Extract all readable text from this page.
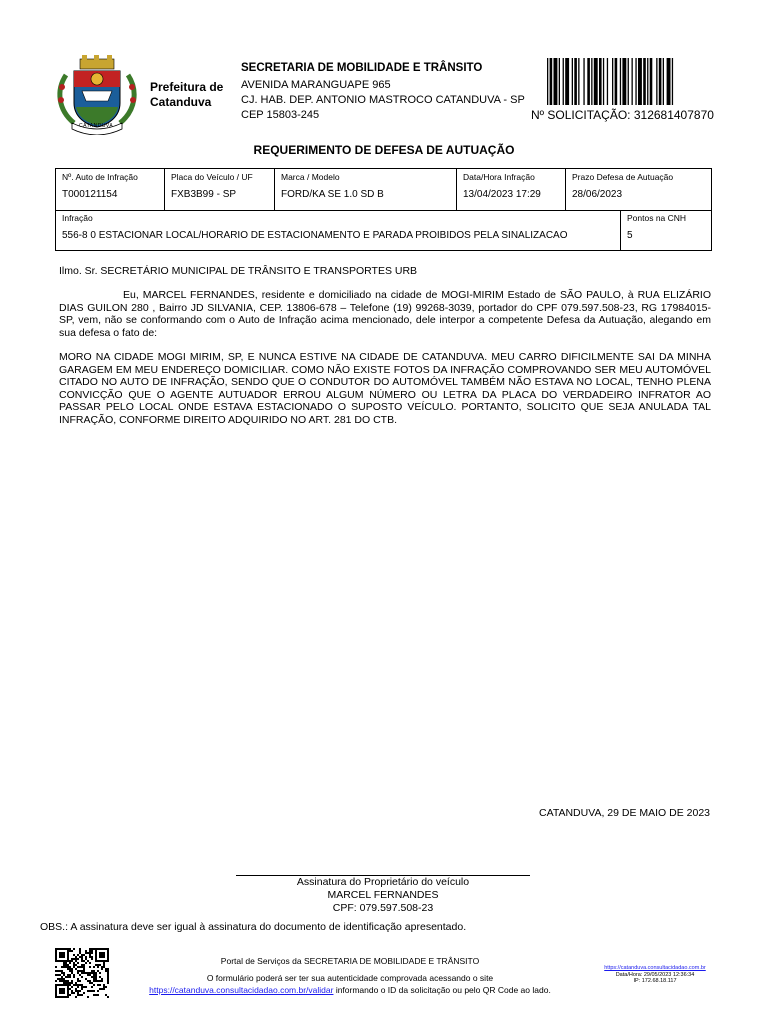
CATANDUVA
Prefeitura de
Catanduva
SECRETARIA DE MOBILIDADE E TRÂNSITO
AVENIDA MARANGUAPE 965
CJ. HAB. DEP. ANTONIO MASTROCO CATANDUVA - SP
CEP 15803-245	Nº SOLICITAÇÃO: 312681407870
REQUERIMENTO DE DEFESA DE AUTUAÇÃO
Nº. Auto de Infração
T000121154
Placa do Veículo / UF
FXB3B99 - SP
Marca / Modelo
FORD/KA SE 1.0 SD B
Data/Hora Infração
13/04/2023 17:29
Prazo Defesa de Autuação
28/06/2023
Infração
556-8 0 ESTACIONAR LOCAL/HORARIO DE ESTACIONAMENTO E PARADA PROIBIDOS PELA SINALIZACAO
Pontos na CNH
5
Ilmo. Sr. SECRETÁRIO MUNICIPAL DE TRÂNSITO E TRANSPORTES URB
Eu, MARCEL FERNANDES, residente e domiciliado na cidade de MOGI-MIRIM Estado de SÃO PAULO, à RUA ELIZÁRIO DIAS GUILON 280 , Bairro JD SILVANIA, CEP. 13806-678 – Telefone (19) 99268-3039, portador do CPF 079.597.508-23, RG 17984015-SP, vem, não se conformando com o Auto de Infração acima mencionado, dele interpor a competente Defesa da Autuação, alegando em sua defesa o fato de:
MORO NA CIDADE MOGI MIRIM, SP, E NUNCA ESTIVE NA CIDADE DE CATANDUVA. MEU CARRO DIFICILMENTE SAI DA MINHA GARAGEM EM MEU ENDEREÇO DOMICILIAR. COMO NÃO EXISTE FOTOS DA INFRAÇÃO COMPROVANDO SER MEU AUTOMÓVEL CITADO NO AUTO DE INFRAÇÃO, SENDO QUE O CONDUTOR DO AUTOMÓVEL TAMBÉM NÃO ESTAVA NO LOCAL, TENHO PLENA CONVICÇÃO QUE O AGENTE AUTUADOR ERROU ALGUM NÚMERO OU LETRA DA PLACA DO VERDADEIRO INFRATOR AO PASSAR PELO LOCAL ONDE ESTAVA ESTACIONADO O SUPOSTO VEÍCULO. PORTANTO, SOLICITO QUE SEJA ANULADA TAL INFRAÇÃO, CONFORME DIREITO ADQUIRIDO NO ART. 281 DO CTB.
CATANDUVA, 29 DE MAIO DE 2023
Assinatura do Proprietário do veículo
MARCEL FERNANDES
CPF: 079.597.508-23
OBS.: A assinatura deve ser igual à assinatura do documento de identificação apresentado.
Portal de Serviços da SECRETARIA DE MOBILIDADE E TRÂNSITO
O formulário poderá ser ter sua autenticidade comprovada acessando o site
https://catanduva.consultacidadao.com.br/validar informando o ID da solicitação ou pelo QR Code ao lado.
https://catanduva.consultacidadao.com.br
Data/Hora: 29/05/2023 12:36:34
IP: 172.68.18.117
